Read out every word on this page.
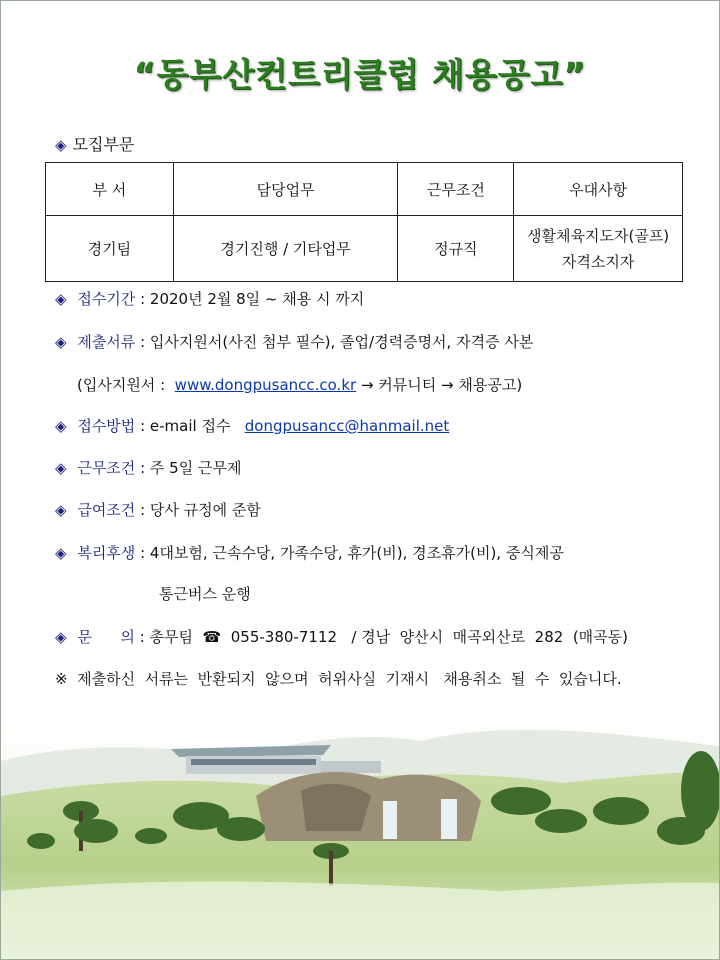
“동부산컨트리클럽 채용공고”
◈ 모집부문
부 서	담당업무	근무조건	우대사항
경기팀	경기진행 / 기타업무	정규직	생활체육지도자(골프)
자격소지자
◈ 접수기간 : 2020년 2월 8일 ~ 채용 시 까지
◈ 제출서류 : 입사지원서(사진 첨부 필수), 졸업/경력증명서, 자격증 사본
(입사지원서 : www.dongpusancc.co.kr → 커뮤니티 → 채용공고)
◈ 접수방법 : e-mail 접수 dongpusancc@hanmail.net
◈ 근무조건 : 주 5일 근무제
◈ 급여조건 : 당사 규정에 준함
◈ 복리후생 : 4대보험, 근속수당, 가족수당, 휴가(비), 경조휴가(비), 중식제공
통근버스 운행
◈ 문      의 : 총무팀  ☎  055-380-7112   / 경남  양산시  매곡외산로  282  (매곡동)
※  제출하신  서류는  반환되지  않으며  허위사실  기재시   채용취소  될  수  있습니다.
